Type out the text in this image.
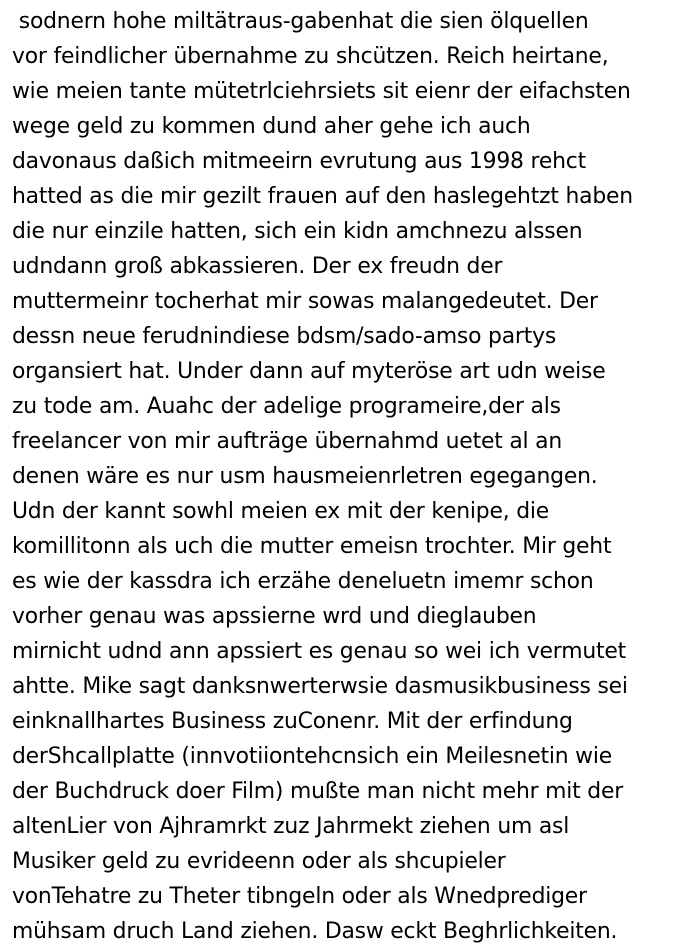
sodnern hohe miltätraus-gabenhat die sien ölquellen
vor feindlicher übernahme zu shcützen. Reich heirtane,
wie meien tante mütetrlciehrsiets sit eienr der eifachsten
wege geld zu kommen dund aher gehe ich auch
davonaus daßich mitmeeirn evrutung aus 1998 rehct
hatted as die mir gezilt frauen auf den haslegehtzt haben
die nur einzile hatten, sich ein kidn amchnezu alssen
udndann groß abkassieren. Der ex freudn der
muttermeinr tocherhat mir sowas malangedeutet. Der
dessn neue ferudnindiese bdsm/sado-amso partys
organsiert hat. Under dann auf myteröse art udn weise
zu tode am. Auahc der adelige programeire,der als
freelancer von mir aufträge übernahmd uetet al an
denen wäre es nur usm hausmeienrletren egegangen.
Udn der kannt sowhl meien ex mit der kenipe, die
komillitonn als uch die mutter emeisn trochter. Mir geht
es wie der kassdra ich erzähe deneluetn imemr schon
vorher genau was apssierne wrd und dieglauben
mirnicht udnd ann apssiert es genau so wei ich vermutet
ahtte. Mike sagt danksnwerterwsie dasmusikbusiness sei
einknallhartes Business zuConenr. Mit der erfindung
derShcallplatte (innvotiiontehcnsich ein Meilesnetin wie
der Buchdruck doer Film) mußte man nicht mehr mit der
altenLier von Ajhramrkt zuz Jahrmekt ziehen um asl
Musiker geld zu evrideenn oder als shcupieler
vonTehatre zu Theter tibngeln oder als Wnedprediger
mühsam druch Land ziehen. Dasw eckt Beghrlichkeiten.
